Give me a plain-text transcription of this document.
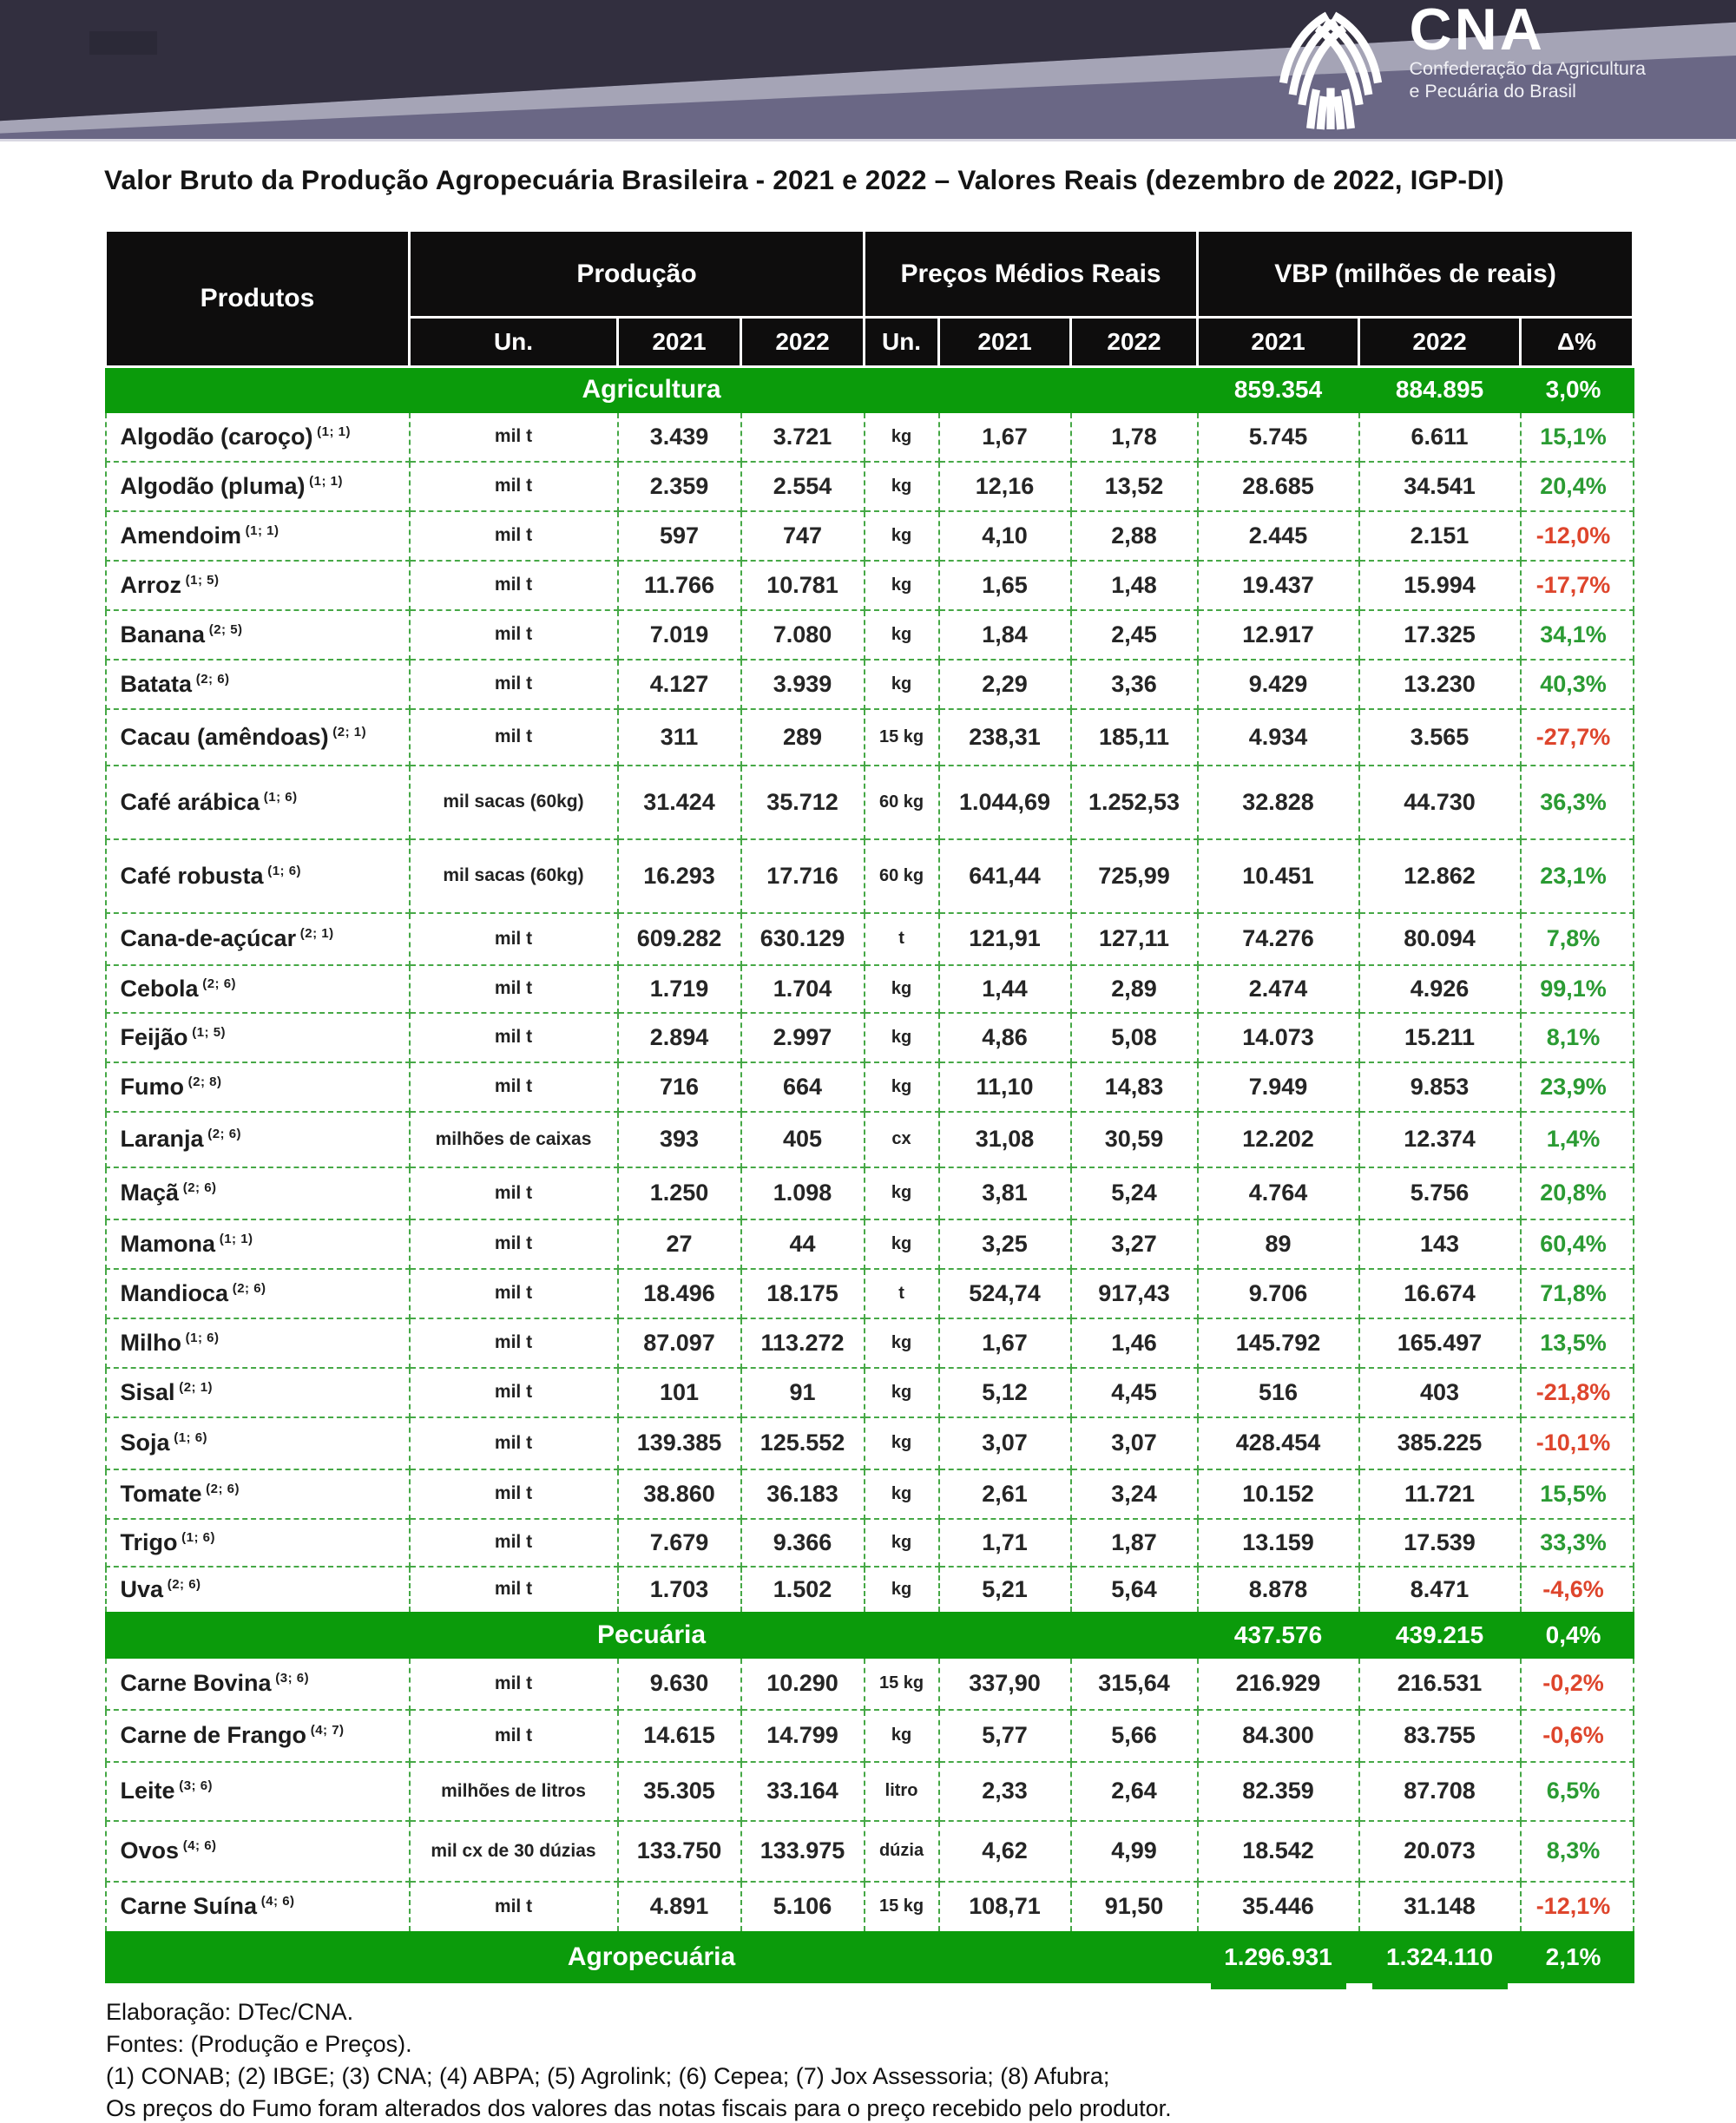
CNA
Confederação da Agricultura
e Pecuária do Brasil
Valor Bruto da Produção Agropecuária Brasileira - 2021 e 2022 – Valores Reais (dezembro de 2022, IGP-DI)
Produtos	Produção			Preços Médios Reais			VBP (milhões de reais)		
	Un.	2021	2022	Un.	2021	2022	2021	2022	Δ%
Agricultura							859.354	884.895	3,0%
Algodão (caroço) $^{(1; 1)}$	mil t	3.439	3.721	kg	1,67	1,78	5.745	6.611	15,1%
Algodão (pluma) $^{(1; 1)}$	mil t	2.359	2.554	kg	12,16	13,52	28.685	34.541	20,4%
Amendoim $^{(1; 1)}$	mil t	597	747	kg	4,10	2,88	2.445	2.151	-12,0%
Arroz $^{(1; 5)}$	mil t	11.766	10.781	kg	1,65	1,48	19.437	15.994	-17,7%
Banana $^{(2; 5)}$	mil t	7.019	7.080	kg	1,84	2,45	12.917	17.325	34,1%
Batata $^{(2; 6)}$	mil t	4.127	3.939	kg	2,29	3,36	9.429	13.230	40,3%
Cacau (amêndoas) $^{(2; 1)}$	mil t	311	289	15 kg	238,31	185,11	4.934	3.565	-27,7%
Café arábica $^{(1; 6)}$	mil sacas (60kg)	31.424	35.712	60 kg	1.044,69	1.252,53	32.828	44.730	36,3%
Café robusta $^{(1; 6)}$	mil sacas (60kg)	16.293	17.716	60 kg	641,44	725,99	10.451	12.862	23,1%
Cana-de-açúcar $^{(2; 1)}$	mil t	609.282	630.129	t	121,91	127,11	74.276	80.094	7,8%
Cebola $^{(2; 6)}$	mil t	1.719	1.704	kg	1,44	2,89	2.474	4.926	99,1%
Feijão $^{(1; 5)}$	mil t	2.894	2.997	kg	4,86	5,08	14.073	15.211	8,1%
Fumo $^{(2; 8)}$	mil t	716	664	kg	11,10	14,83	7.949	9.853	23,9%
Laranja $^{(2; 6)}$	milhões de caixas	393	405	cx	31,08	30,59	12.202	12.374	1,4%
Maçã $^{(2; 6)}$	mil t	1.250	1.098	kg	3,81	5,24	4.764	5.756	20,8%
Mamona $^{(1; 1)}$	mil t	27	44	kg	3,25	3,27	89	143	60,4%
Mandioca $^{(2; 6)}$	mil t	18.496	18.175	t	524,74	917,43	9.706	16.674	71,8%
Milho $^{(1; 6)}$	mil t	87.097	113.272	kg	1,67	1,46	145.792	165.497	13,5%
Sisal $^{(2; 1)}$	mil t	101	91	kg	5,12	4,45	516	403	-21,8%
Soja $^{(1; 6)}$	mil t	139.385	125.552	kg	3,07	3,07	428.454	385.225	-10,1%
Tomate $^{(2; 6)}$	mil t	38.860	36.183	kg	2,61	3,24	10.152	11.721	15,5%
Trigo $^{(1; 6)}$	mil t	7.679	9.366	kg	1,71	1,87	13.159	17.539	33,3%
Uva $^{(2; 6)}$	mil t	1.703	1.502	kg	5,21	5,64	8.878	8.471	-4,6%
Pecuária							437.576	439.215	0,4%
Carne Bovina $^{(3; 6)}$	mil t	9.630	10.290	15 kg	337,90	315,64	216.929	216.531	-0,2%
Carne de Frango $^{(4; 7)}$	mil t	14.615	14.799	kg	5,77	5,66	84.300	83.755	-0,6%
Leite $^{(3; 6)}$	milhões de litros	35.305	33.164	litro	2,33	2,64	82.359	87.708	6,5%
Ovos $^{(4; 6)}$	mil cx de 30 dúzias	133.750	133.975	dúzia	4,62	4,99	18.542	20.073	8,3%
Carne Suína $^{(4; 6)}$	mil t	4.891	5.106	15 kg	108,71	91,50	35.446	31.148	-12,1%
Agropecuária							1.296.931	1.324.110	2,1%
Elaboração: DTec/CNA.
Fontes: (Produção e Preços).
(1) CONAB; (2) IBGE; (3) CNA; (4) ABPA; (5) Agrolink; (6) Cepea; (7) Jox Assessoria; (8) Afubra;
Os preços do Fumo foram alterados dos valores das notas fiscais para o preço recebido pelo produtor.
